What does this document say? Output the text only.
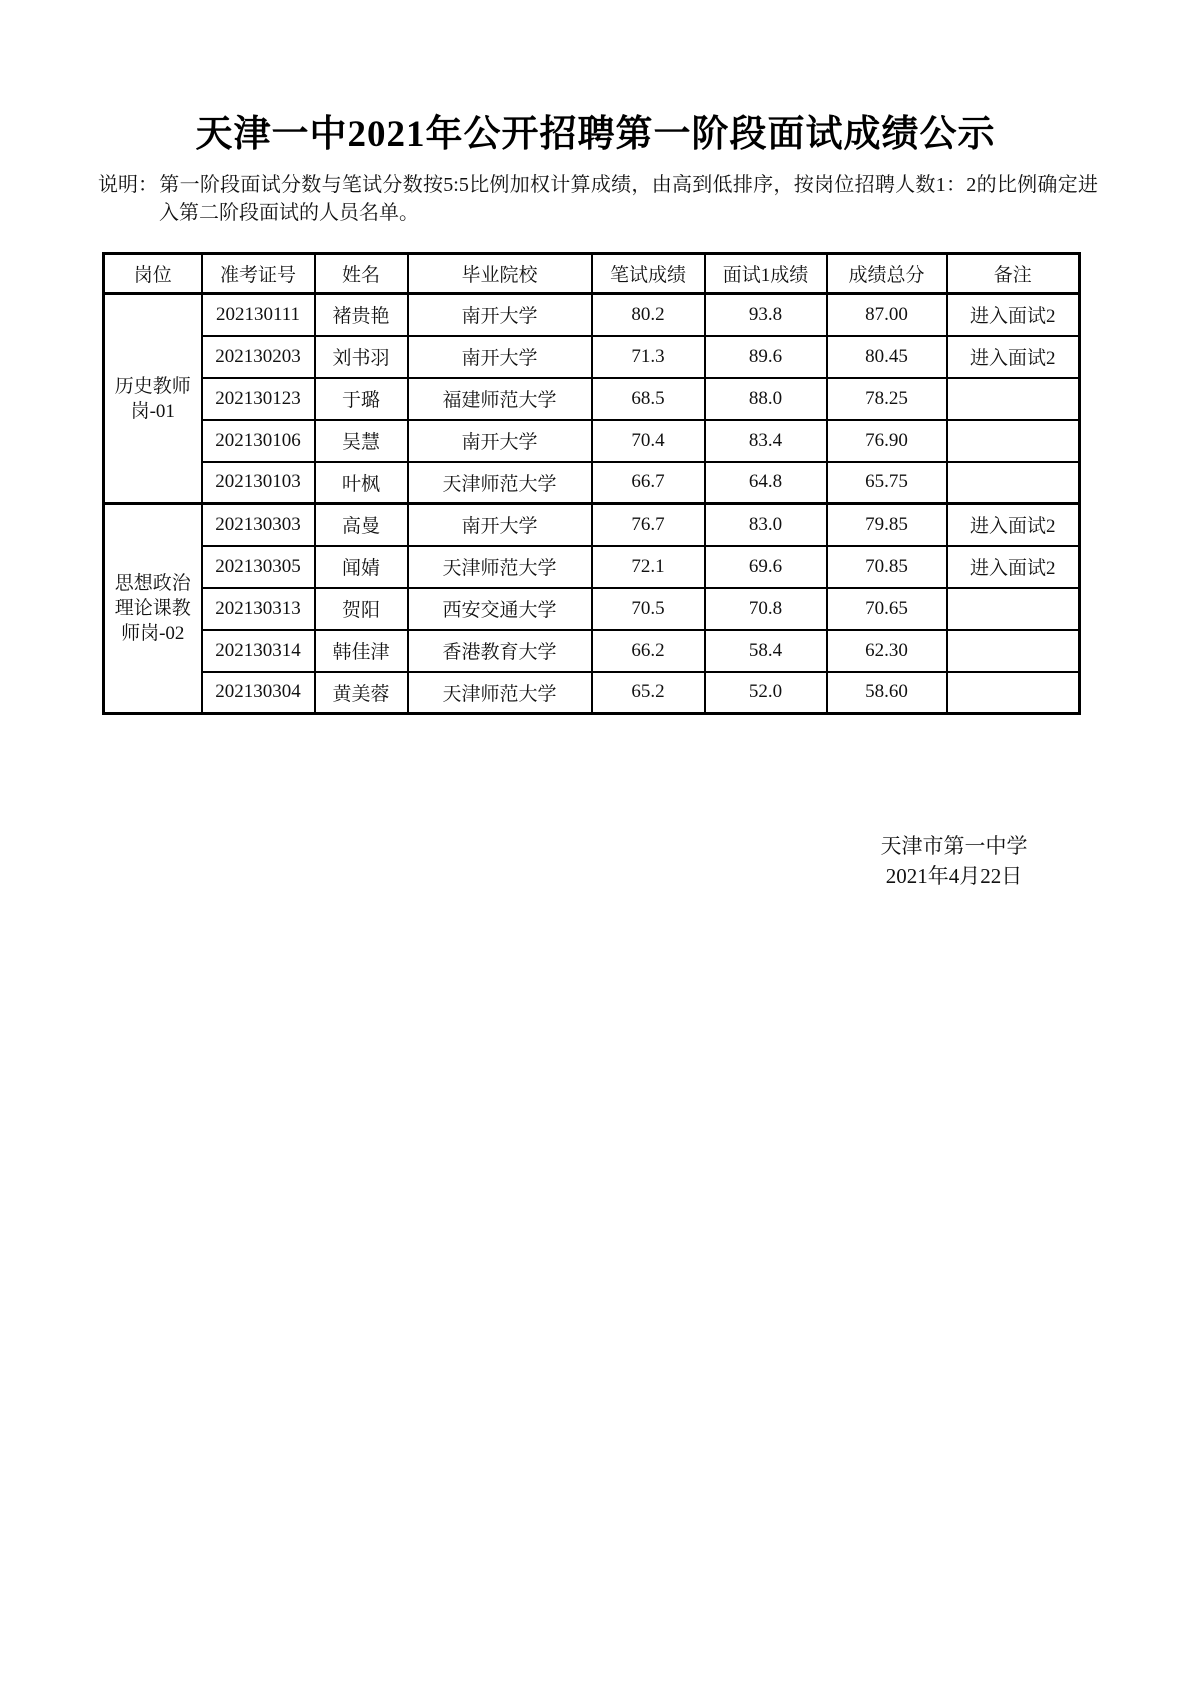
天津一中2021年公开招聘第一阶段面试成绩公示
说明：第一阶段面试分数与笔试分数按5:5比例加权计算成绩，由高到低排序，按岗位招聘人数1：2的比例确定进入第二阶段面试的人员名单。
岗位	准考证号	姓名	毕业院校	笔试成绩	面试1成绩	成绩总分	备注
历史教师岗-01	202130111	褚贵艳	南开大学	80.2	93.8	87.00	进入面试2
	202130203	刘书羽	南开大学	71.3	89.6	80.45	进入面试2
	202130123	于璐	福建师范大学	68.5	88.0	78.25	
	202130106	吴慧	南开大学	70.4	83.4	76.90	
	202130103	叶枫	天津师范大学	66.7	64.8	65.75	
思想政治理论课教师岗-02	202130303	高曼	南开大学	76.7	83.0	79.85	进入面试2
	202130305	闻婧	天津师范大学	72.1	69.6	70.85	进入面试2
	202130313	贺阳	西安交通大学	70.5	70.8	70.65	
	202130314	韩佳津	香港教育大学	66.2	58.4	62.30	
	202130304	黄美蓉	天津师范大学	65.2	52.0	58.60	
天津市第一中学
2021年4月22日
